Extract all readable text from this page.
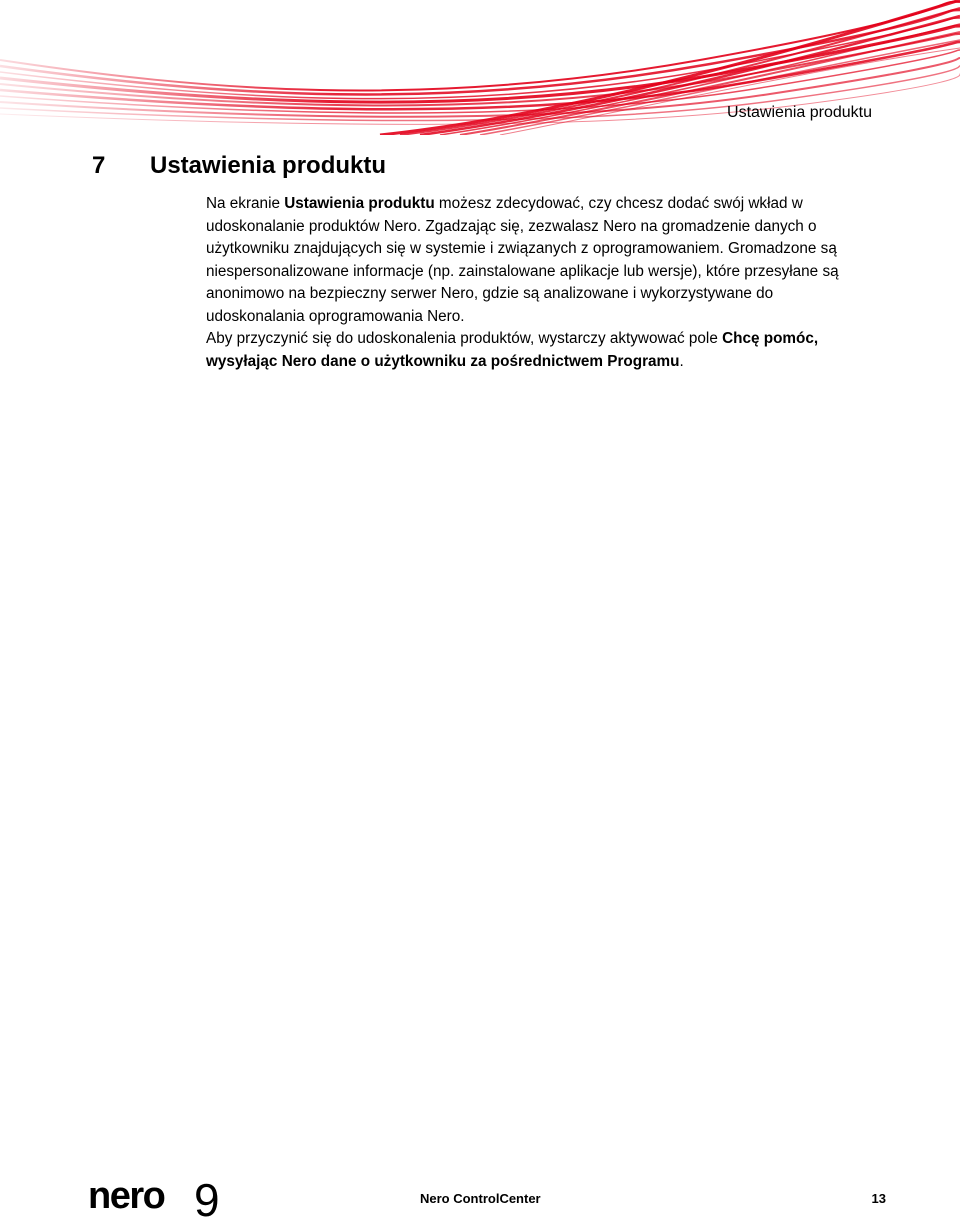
Ustawienia produktu
7 Ustawienia produktu

Na ekranie Ustawienia produktu możesz zdecydować, czy chcesz dodać swój wkład w udoskonalanie produktów Nero. Zgadzając się, zezwalasz Nero na gromadzenie danych o użytkowniku znajdujących się w systemie i związanych z oprogramowaniem. Gromadzone są niespersonalizowane informacje (np. zainstalowane aplikacje lub wersje), które przesyłane są anonimowo na bezpieczny serwer Nero, gdzie są analizowane i wykorzystywane do udoskonalania oprogramowania Nero.

Aby przyczynić się do udoskonalenia produktów, wystarczy aktywować pole Chcę pomóc, wysyłając Nero dane o użytkowniku za pośrednictwem Programu.

nero 9	Nero ControlCenter	13
